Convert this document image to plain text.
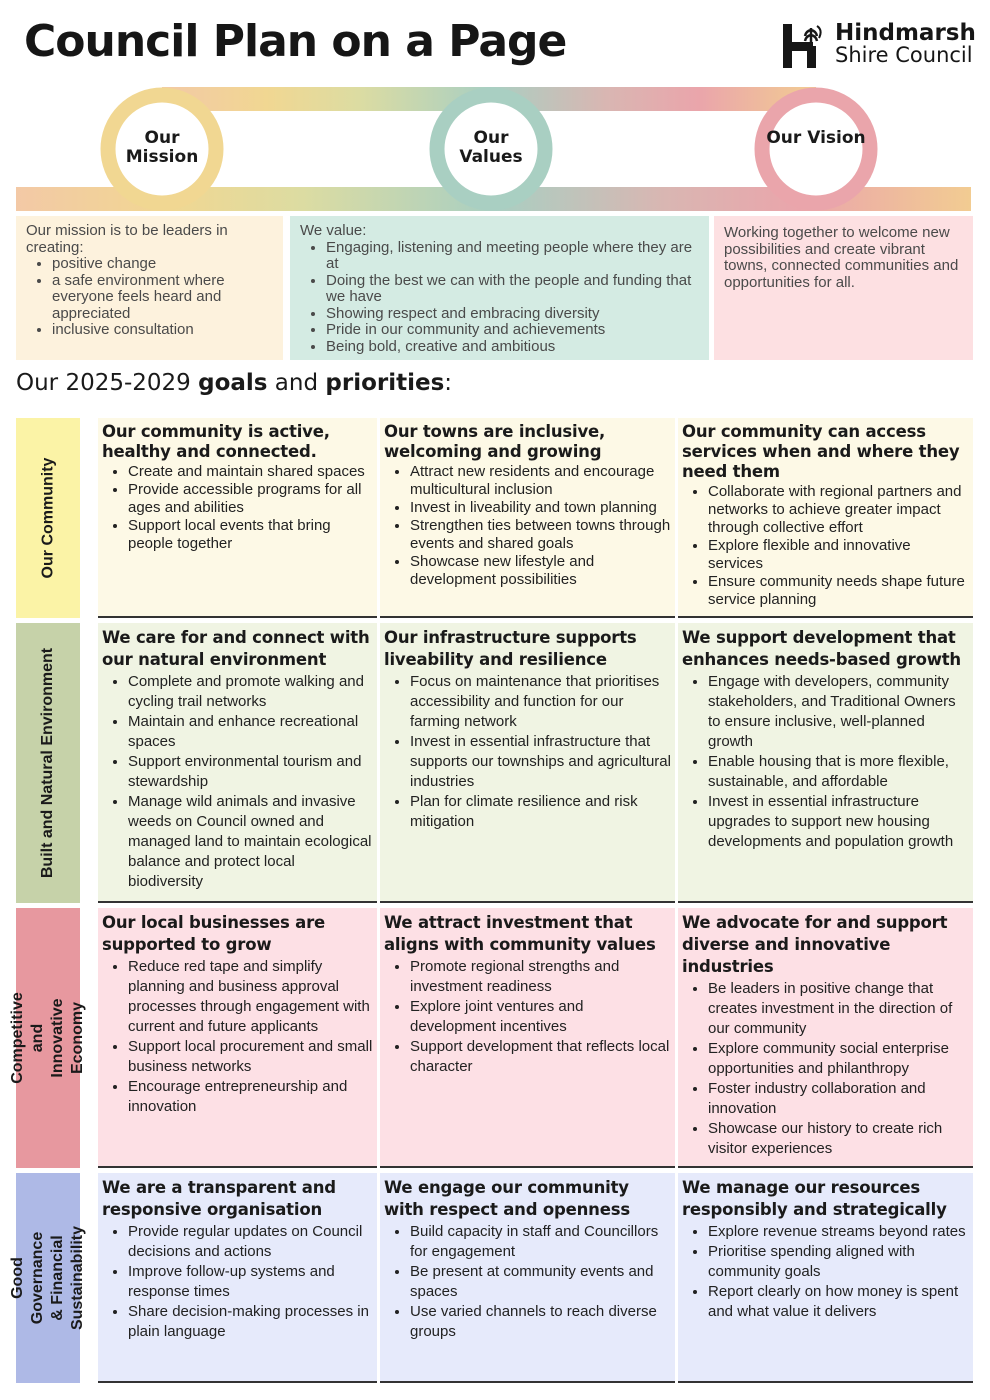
Council Plan on a Page	Hindmarsh
Shire Council
Our Mission
Our Values
Our Vision
Our mission is to be leaders in creating:
• positive change
• a safe environment where everyone feels heard and appreciated
• inclusive consultation
We value:
• Engaging, listening and meeting people where they are at
• Doing the best we can with the people and funding that we have
• Showing respect and embracing diversity
• Pride in our community and achievements
• Being bold, creative and ambitious
Working together to welcome new possibilities and create vibrant towns, connected communities and opportunities for all.
Our 2025-2029 goals and priorities:
Our Community
Our community is active, healthy and connected.
• Create and maintain shared spaces
• Provide accessible programs for all ages and abilities
• Support local events that bring people together
Our towns are inclusive, welcoming and growing
• Attract new residents and encourage multicultural inclusion
• Invest in liveability and town planning
• Strengthen ties between towns through events and shared goals
• Showcase new lifestyle and development possibilities
Our community can access services when and where they need them
• Collaborate with regional partners and networks to achieve greater impact through collective effort
• Explore flexible and innovative services
• Ensure community needs shape future service planning
Built and Natural Environment
We care for and connect with our natural environment
• Complete and promote walking and cycling trail networks
• Maintain and enhance recreational spaces
• Support environmental tourism and stewardship
• Manage wild animals and invasive weeds on Council owned and managed land to maintain ecological balance and protect local biodiversity
Our infrastructure supports liveability and resilience
• Focus on maintenance that prioritises accessibility and function for our farming network
• Invest in essential infrastructure that supports our townships and agricultural industries
• Plan for climate resilience and risk mitigation
We support development that enhances needs-based growth
• Engage with developers, community stakeholders, and Traditional Owners to ensure inclusive, well-planned growth
• Enable housing that is more flexible, sustainable, and affordable
• Invest in essential infrastructure upgrades to support new housing developments and population growth
Competitive and Innovative Economy
Our local businesses are supported to grow
• Reduce red tape and simplify planning and business approval processes through engagement with current and future applicants
• Support local procurement and small business networks
• Encourage entrepreneurship and innovation
We attract investment that aligns with community values
• Promote regional strengths and investment readiness
• Explore joint ventures and development incentives
• Support development that reflects local character
We advocate for and support diverse and innovative industries
• Be leaders in positive change that creates investment in the direction of our community
• Explore community social enterprise opportunities and philanthropy
• Foster industry collaboration and innovation
• Showcase our history to create rich visitor experiences
Good Governance & Financial Sustainability
We are a transparent and responsive organisation
• Provide regular updates on Council decisions and actions
• Improve follow-up systems and response times
• Share decision-making processes in plain language
We engage our community with respect and openness
• Build capacity in staff and Councillors for engagement
• Be present at community events and spaces
• Use varied channels to reach diverse groups
We manage our resources responsibly and strategically
• Explore revenue streams beyond rates
• Prioritise spending aligned with community goals
• Report clearly on how money is spent and what value it delivers
